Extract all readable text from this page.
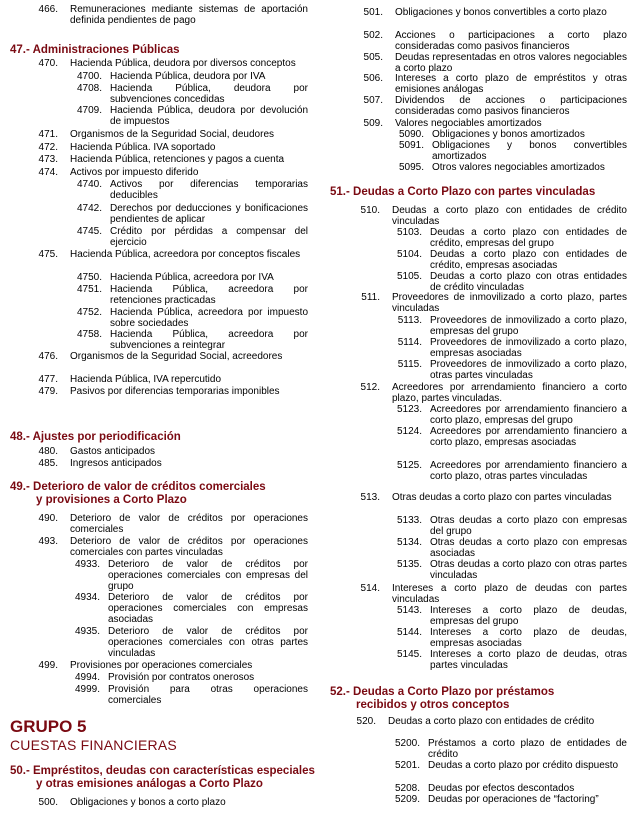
466. Remuneraciones mediante sistemas de aportación definida pendientes de pago
47.- Administraciones Públicas
470. Hacienda Pública, deudora por diversos conceptos
4700. Hacienda Pública, deudora por IVA
4708. Hacienda Pública, deudora por subvenciones concedidas
4709. Hacienda Pública, deudora por devolución de impuestos
471. Organismos de la Seguridad Social, deudores
472. Hacienda Pública. IVA soportado
473. Hacienda Pública, retenciones y pagos a cuenta
474. Activos por impuesto diferido
4740. Activos por diferencias temporarias deducibles
4742. Derechos por deducciones y bonificaciones pendientes de aplicar
4745. Crédito por pérdidas a compensar del ejercicio
475. Hacienda Pública, acreedora por conceptos fiscales
4750. Hacienda Pública, acreedora por IVA
4751. Hacienda Pública, acreedora por retenciones practicadas
4752. Hacienda Pública, acreedora por impuesto sobre sociedades
4758. Hacienda Pública, acreedora por subvenciones a reintegrar
476. Organismos de la Seguridad Social, acreedores
477. Hacienda Pública, IVA repercutido
479. Pasivos por diferencias temporarias imponibles
48.- Ajustes por periodificación
480. Gastos anticipados
485. Ingresos anticipados
49.- Deterioro de valor de créditos comerciales
y provisiones a Corto Plazo
490. Deterioro de valor de créditos por operaciones comerciales
493. Deterioro de valor de créditos por operaciones comerciales con partes vinculadas
4933. Deterioro de valor de créditos por operaciones comerciales con empresas del grupo
4934. Deterioro de valor de créditos por operaciones comerciales con empresas asociadas
4935. Deterioro de valor de créditos por operaciones comerciales con otras partes vinculadas
499. Provisiones por operaciones comerciales
4994. Provisión por contratos onerosos
4999. Provisión para otras operaciones comerciales
GRUPO 5
CUESTAS FINANCIERAS
50.- Empréstitos, deudas con características especiales
y otras emisiones análogas a Corto Plazo
500. Obligaciones y bonos a corto plazo
501. Obligaciones y bonos convertibles a corto plazo
502. Acciones o participaciones a corto plazo consideradas como pasivos financieros
505. Deudas representadas en otros valores negociables a corto plazo
506. Intereses a corto plazo de empréstitos y otras emisiones análogas
507. Dividendos de acciones o participaciones consideradas como pasivos financieros
509. Valores negociables amortizados
5090. Obligaciones y bonos amortizados
5091. Obligaciones y bonos convertibles amortizados
5095. Otros valores negociables amortizados
51.- Deudas a Corto Plazo con partes vinculadas
510. Deudas a corto plazo con entidades de crédito vinculadas
5103. Deudas a corto plazo con entidades de crédito, empresas del grupo
5104. Deudas a corto plazo con entidades de crédito, empresas asociadas
5105. Deudas a corto plazo con otras entidades de crédito vinculadas
511. Proveedores de inmovilizado a corto plazo, partes vinculadas
5113. Proveedores de inmovilizado a corto plazo, empresas del grupo
5114. Proveedores de inmovilizado a corto plazo, empresas asociadas
5115. Proveedores de inmovilizado a corto plazo, otras partes vinculadas
512. Acreedores por arrendamiento financiero a corto plazo, partes vinculadas.
5123. Acreedores por arrendamiento financiero a corto plazo, empresas del grupo
5124. Acreedores por arrendamiento financiero a corto plazo, empresas asociadas
5125. Acreedores por arrendamiento financiero a corto plazo, otras partes vinculadas
513. Otras deudas a corto plazo con partes vinculadas
5133. Otras deudas a corto plazo con empresas del grupo
5134. Otras deudas a corto plazo con empresas asociadas
5135. Otras deudas a corto plazo con otras partes vinculadas
514. Intereses a corto plazo de deudas con partes vinculadas
5143. Intereses a corto plazo de deudas, empresas del grupo
5144. Intereses a corto plazo de deudas, empresas asociadas
5145. Intereses a corto plazo de deudas, otras partes vinculadas
52.- Deudas a Corto Plazo por préstamos
recibidos y otros conceptos
520. Deudas a corto plazo con entidades de crédito
5200. Préstamos a corto plazo de entidades de crédito
5201. Deudas a corto plazo por crédito dispuesto
5208. Deudas por efectos descontados
5209. Deudas por operaciones de “factoring”
